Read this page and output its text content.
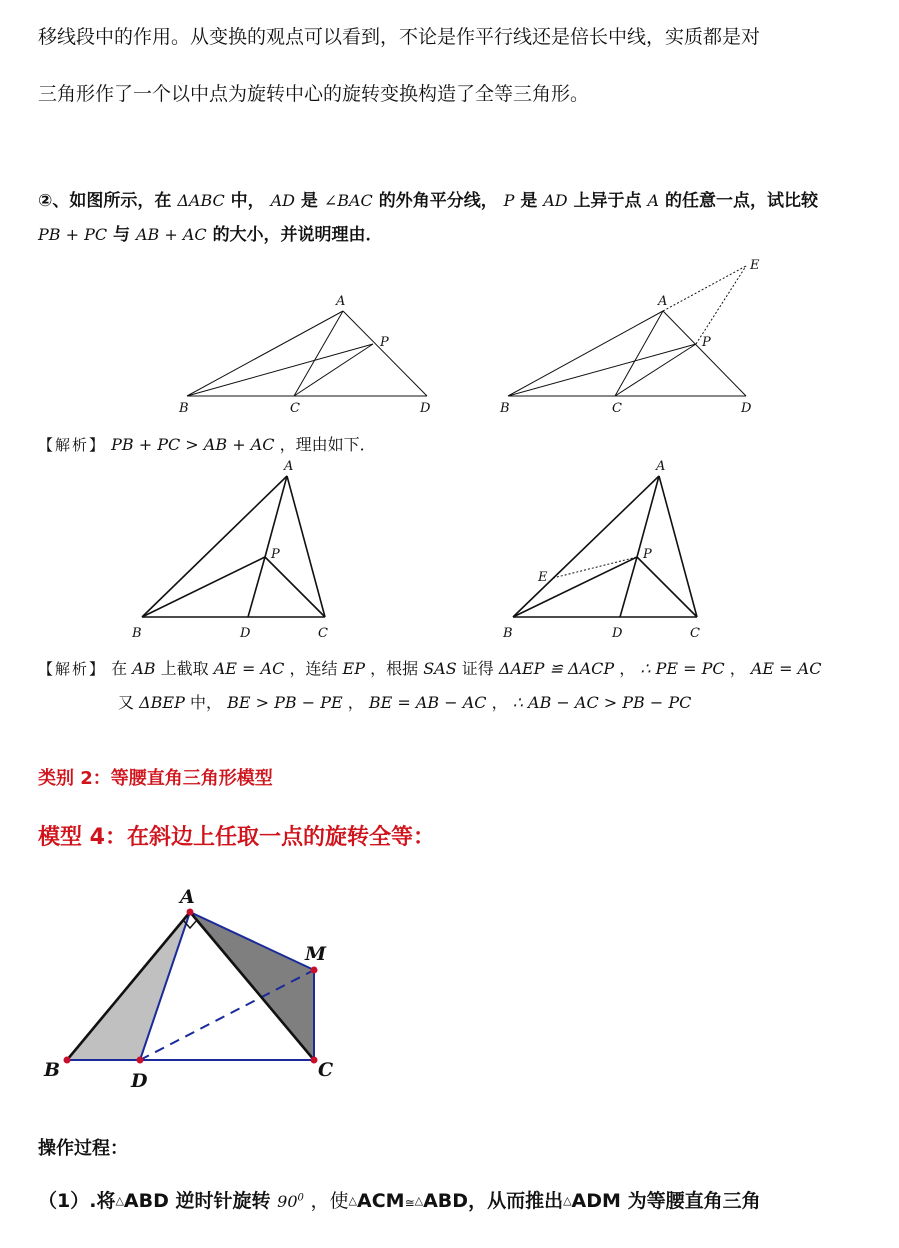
移线段中的作用。从变换的观点可以看到，不论是作平行线还是倍长中线，实质都是对
三角形作了一个以中点为旋转中心的旋转变换构造了全等三角形。
②、如图所示，在 ΔABC 中， AD 是 ∠BAC 的外角平分线， P 是 AD 上异于点 A 的任意一点，试比较
PB + PC 与 AB + AC 的大小，并说明理由．
A
P
B	C	D
A
P
E
B	C	D
【解析】 PB + PC > AB + AC ，理由如下．
A
P
B	D	C
A
P
E
B	D	C
【解析】 在 AB 上截取 AE = AC ，连结 EP ，根据 SAS 证得 ΔAEP ≌ ΔACP ， ∴ PE = PC ， AE = AC
又 ΔBEP 中， BE > PB − PE ， BE = AB − AC ， ∴ AB − AC > PB − PC
类别 2：等腰直角三角形模型
模型 4：在斜边上任取一点的旋转全等：
A
M
B	D	C
操作过程：
（1）.将△ABD 逆时针旋转 $90^0$ ，使△ACM≅△ABD，从而推出△ADM 为等腰直角三角
